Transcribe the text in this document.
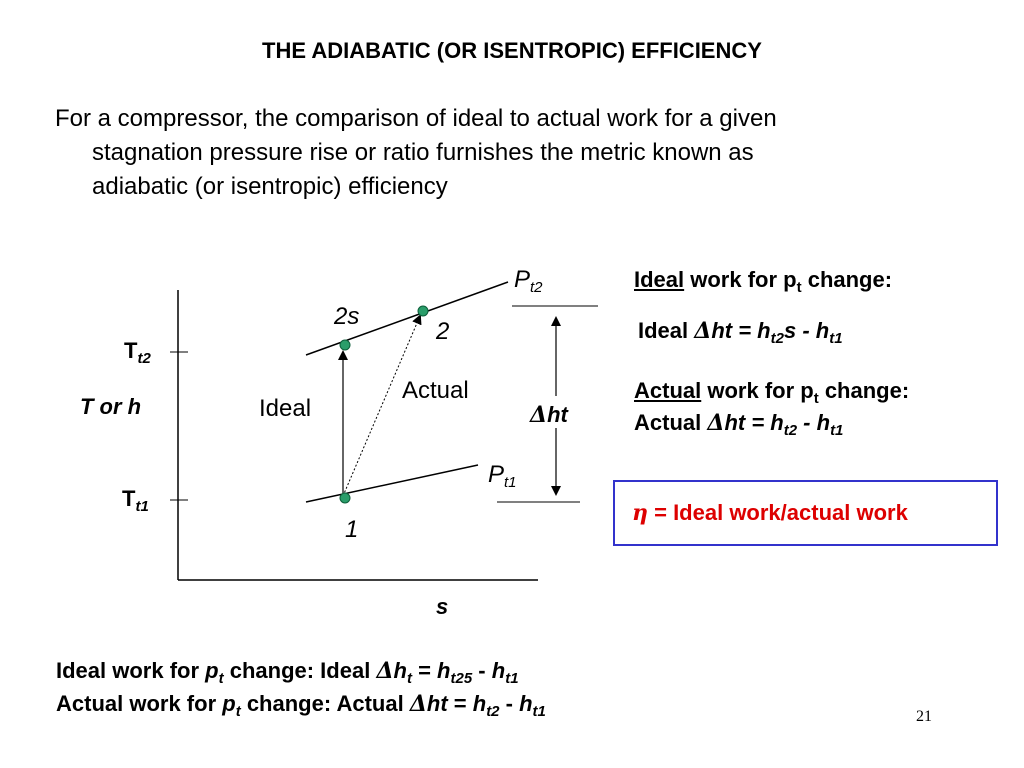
THE ADIABATIC (OR ISENTROPIC) EFFICIENCY
For a compressor, the comparison of ideal to actual work for a given
stagnation pressure rise or ratio furnishes the metric known as
adiabatic (or isentropic) efficiency
$T_{t2}$
T or h
$T_{t1}$
s
$P_{t2}$
$P_{t1}$
2s
2
1
Ideal
Actual
Δht
Ideal work for $p_t$ change:
Ideal $\Delta ht = h_{t2}s - h_{t1}$
Actual work for $p_t$ change:
Actual $\Delta ht = h_{t2} - h_{t1}$
η = Ideal work/actual work
Ideal work for $p_t$ change: Ideal $\Delta h_t = h_{t25} - h_{t1}$
Actual work for $p_t$ change: Actual $\Delta ht = h_{t2} - h_{t1}$	21
